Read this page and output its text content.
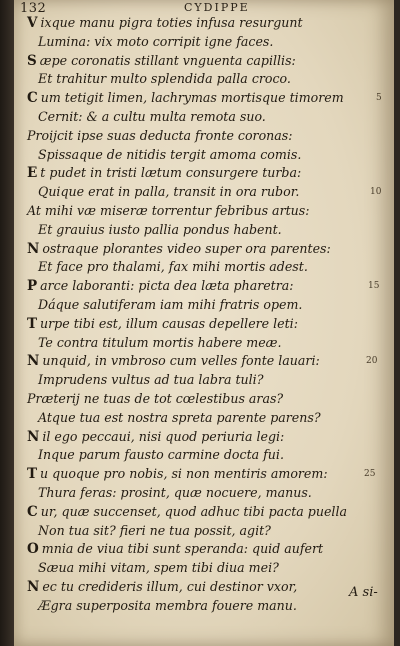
132	CYDIPPE
V ixque manu pigra toties infusa resurgunt
Lumina: vix moto corripit igne faces.
S æpe coronatis stillant vnguenta capillis:
Et trahitur multo splendida palla croco.
C um tetigit limen, lachrymas mortisque timorem
Cernit: & a cultu multa remota suo.
Proijcit ipse suas deducta fronte coronas:
Spissaque de nitidis tergit amoma comis.
E t pudet in tristi lætum consurgere turba:
Quique erat in palla, transit in ora rubor.
At mihi væ miseræ torrentur febribus artus:
Et grauius iusto pallia pondus habent.
N ostraque plorantes video super ora parentes:
Et face pro thalami, fax mihi mortis adest.
P arce laboranti: picta dea læta pharetra:
Dáque salutiferam iam mihi fratris opem.
T urpe tibi est, illum causas depellere leti:
Te contra titulum mortis habere meæ.
N unquid, in vmbroso cum velles fonte lauari:
Imprudens vultus ad tua labra tuli?
Præterij ne tuas de tot cœlestibus aras?
Atque tua est nostra spreta parente parens?
N il ego peccaui, nisi quod periuria legi:
Inque parum fausto carmine docta fui.
T u quoque pro nobis, si non mentiris amorem:
Thura feras: prosint, quæ nocuere, manus.
C ur, quæ succenset, quod adhuc tibi pacta puella
Non tua sit? fieri ne tua possit, agit?
O mnia de viua tibi sunt speranda: quid aufert
Sæua mihi vitam, spem tibi diua mei?
N ec tu credideris illum, cui destinor vxor,
Ægra superposita membra fouere manu.
A si-
5
10
15
20
25
